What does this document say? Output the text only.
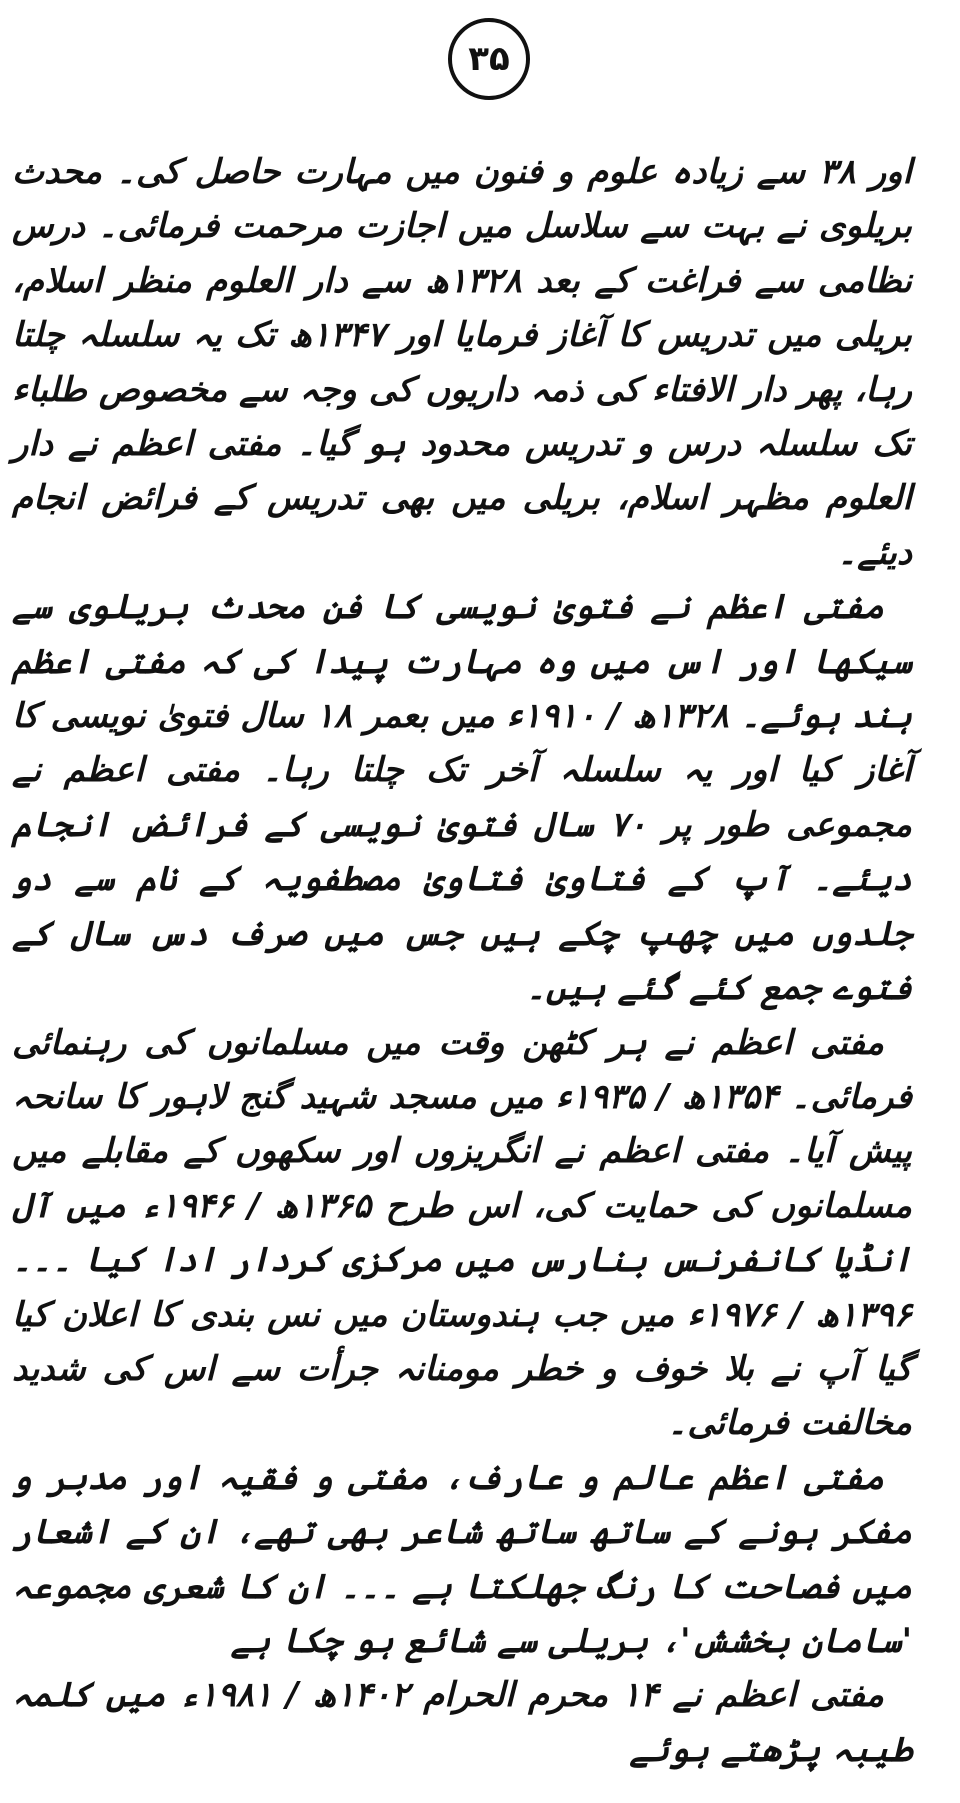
۳۵

اور ۳۸ سے زیادہ علوم و فنون میں مہارت حاصل کی۔ محدث بریلوی نے بہت سے سلاسل میں اجازت مرحمت فرمائی۔ درس نظامی سے فراغت کے بعد ۱۳۲۸ھ سے دار العلوم منظر اسلام، بریلی میں تدریس کا آغاز فرمایا اور ۱۳۴۷ھ تک یہ سلسلہ چلتا رہا، پھر دار الافتاء کی ذمہ داریوں کی وجہ سے مخصوص طلباء تک سلسلہ درس و تدریس محدود ہو گیا۔ مفتی اعظم نے دار العلوم مظہر اسلام، بریلی میں بھی تدریس کے فرائض انجام دیئے۔

مفتی اعظم نے فتویٰ نویسی کا فن محدث بریلوی سے سیکھا اور اس میں وہ مہارت پیدا کی کہ مفتی اعظم ہند ہوئے۔ ۱۳۲۸ھ / ۱۹۱۰ء میں بعمر ۱۸ سال فتویٰ نویسی کا آغاز کیا اور یہ سلسلہ آخر تک چلتا رہا۔ مفتی اعظم نے مجموعی طور پر ۷۰ سال فتویٰ نویسی کے فرائض انجام دیئے۔ آپ کے فتاویٰ فتاویٰ مصطفویہ کے نام سے دو جلدوں میں چھپ چکے ہیں جس میں صرف دس سال کے فتوے جمع کئے گئے ہیں۔

مفتی اعظم نے ہر کٹھن وقت میں مسلمانوں کی رہنمائی فرمائی۔ ۱۳۵۴ھ / ۱۹۳۵ء میں مسجد شہید گنج لاہور کا سانحہ پیش آیا۔ مفتی اعظم نے انگریزوں اور سکھوں کے مقابلے میں مسلمانوں کی حمایت کی، اس طرح ۱۳۶۵ھ / ۱۹۴۶ء میں آل انڈیا کانفرنس بنارس میں مرکزی کردار ادا کیا ۔۔۔ ۱۳۹۶ھ / ۱۹۷۶ء میں جب ہندوستان میں نس بندی کا اعلان کیا گیا آپ نے بلا خوف و خطر مومنانہ جرأت سے اس کی شدید مخالفت فرمائی۔

مفتی اعظم عالم و عارف، مفتی و فقیہ اور مدبر و مفکر ہونے کے ساتھ ساتھ شاعر بھی تھے، ان کے اشعار میں فصاحت کا رنگ جھلکتا ہے ۔۔۔ ان کا شعری مجموعہ 'سامان بخشش'، بریلی سے شائع ہو چکا ہے

مفتی اعظم نے ۱۴ محرم الحرام ۱۴۰۲ھ / ۱۹۸۱ء میں کلمہ طیبہ پڑھتے ہوئے
